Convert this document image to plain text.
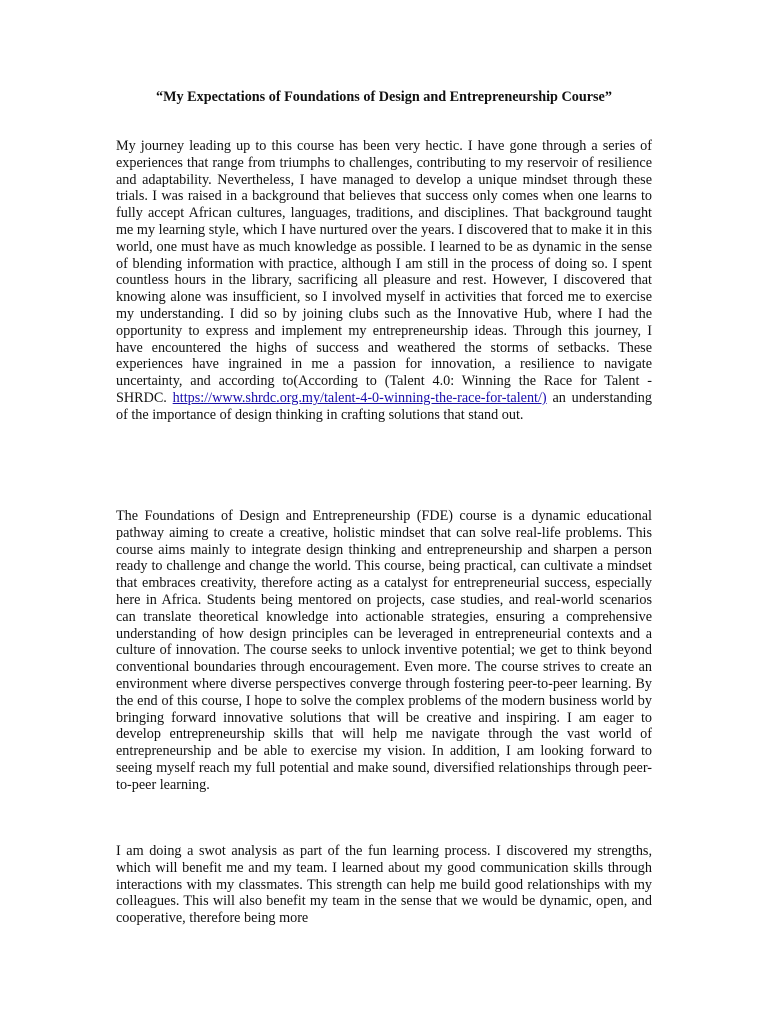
“My Expectations of Foundations of Design and Entrepreneurship Course”

My journey leading up to this course has been very hectic. I have gone through a series of experiences that range from triumphs to challenges, contributing to my reservoir of resilience and adaptability. Nevertheless, I have managed to develop a unique mindset through these trials. I was raised in a background that believes that success only comes when one learns to fully accept African cultures, languages, traditions, and disciplines. That background taught me my learning style, which I have nurtured over the years. I discovered that to make it in this world, one must have as much knowledge as possible. I learned to be as dynamic in the sense of blending information with practice, although I am still in the process of doing so. I spent countless hours in the library, sacrificing all pleasure and rest. However, I discovered that knowing alone was insufficient, so I involved myself in activities that forced me to exercise my understanding. I did so by joining clubs such as the Innovative Hub, where I had the opportunity to express and implement my entrepreneurship ideas. Through this journey, I have encountered the highs of success and weathered the storms of setbacks. These experiences have ingrained in me a passion for innovation, a resilience to navigate uncertainty, and according to(According to (Talent 4.0: Winning the Race for Talent - SHRDC. https://www.shrdc.org.my/talent-4-0-winning-the-race-for-talent/) an understanding of the importance of design thinking in crafting solutions that stand out.

The Foundations of Design and Entrepreneurship (FDE) course is a dynamic educational pathway aiming to create a creative, holistic mindset that can solve real-life problems. This course aims mainly to integrate design thinking and entrepreneurship and sharpen a person ready to challenge and change the world. This course, being practical, can cultivate a mindset that embraces creativity, therefore acting as a catalyst for entrepreneurial success, especially here in Africa. Students being mentored on projects, case studies, and real-world scenarios can translate theoretical knowledge into actionable strategies, ensuring a comprehensive understanding of how design principles can be leveraged in entrepreneurial contexts and a culture of innovation. The course seeks to unlock inventive potential; we get to think beyond conventional boundaries through encouragement. Even more. The course strives to create an environment where diverse perspectives converge through fostering peer-to-peer learning. By the end of this course, I hope to solve the complex problems of the modern business world by bringing forward innovative solutions that will be creative and inspiring. I am eager to develop entrepreneurship skills that will help me navigate through the vast world of entrepreneurship and be able to exercise my vision. In addition, I am looking forward to seeing myself reach my full potential and make sound, diversified relationships through peer-to-peer learning.

I am doing a swot analysis as part of the fun learning process. I discovered my strengths, which will benefit me and my team. I learned about my good communication skills through interactions with my classmates. This strength can help me build good relationships with my colleagues. This will also benefit my team in the sense that we would be dynamic, open, and cooperative, therefore being more
